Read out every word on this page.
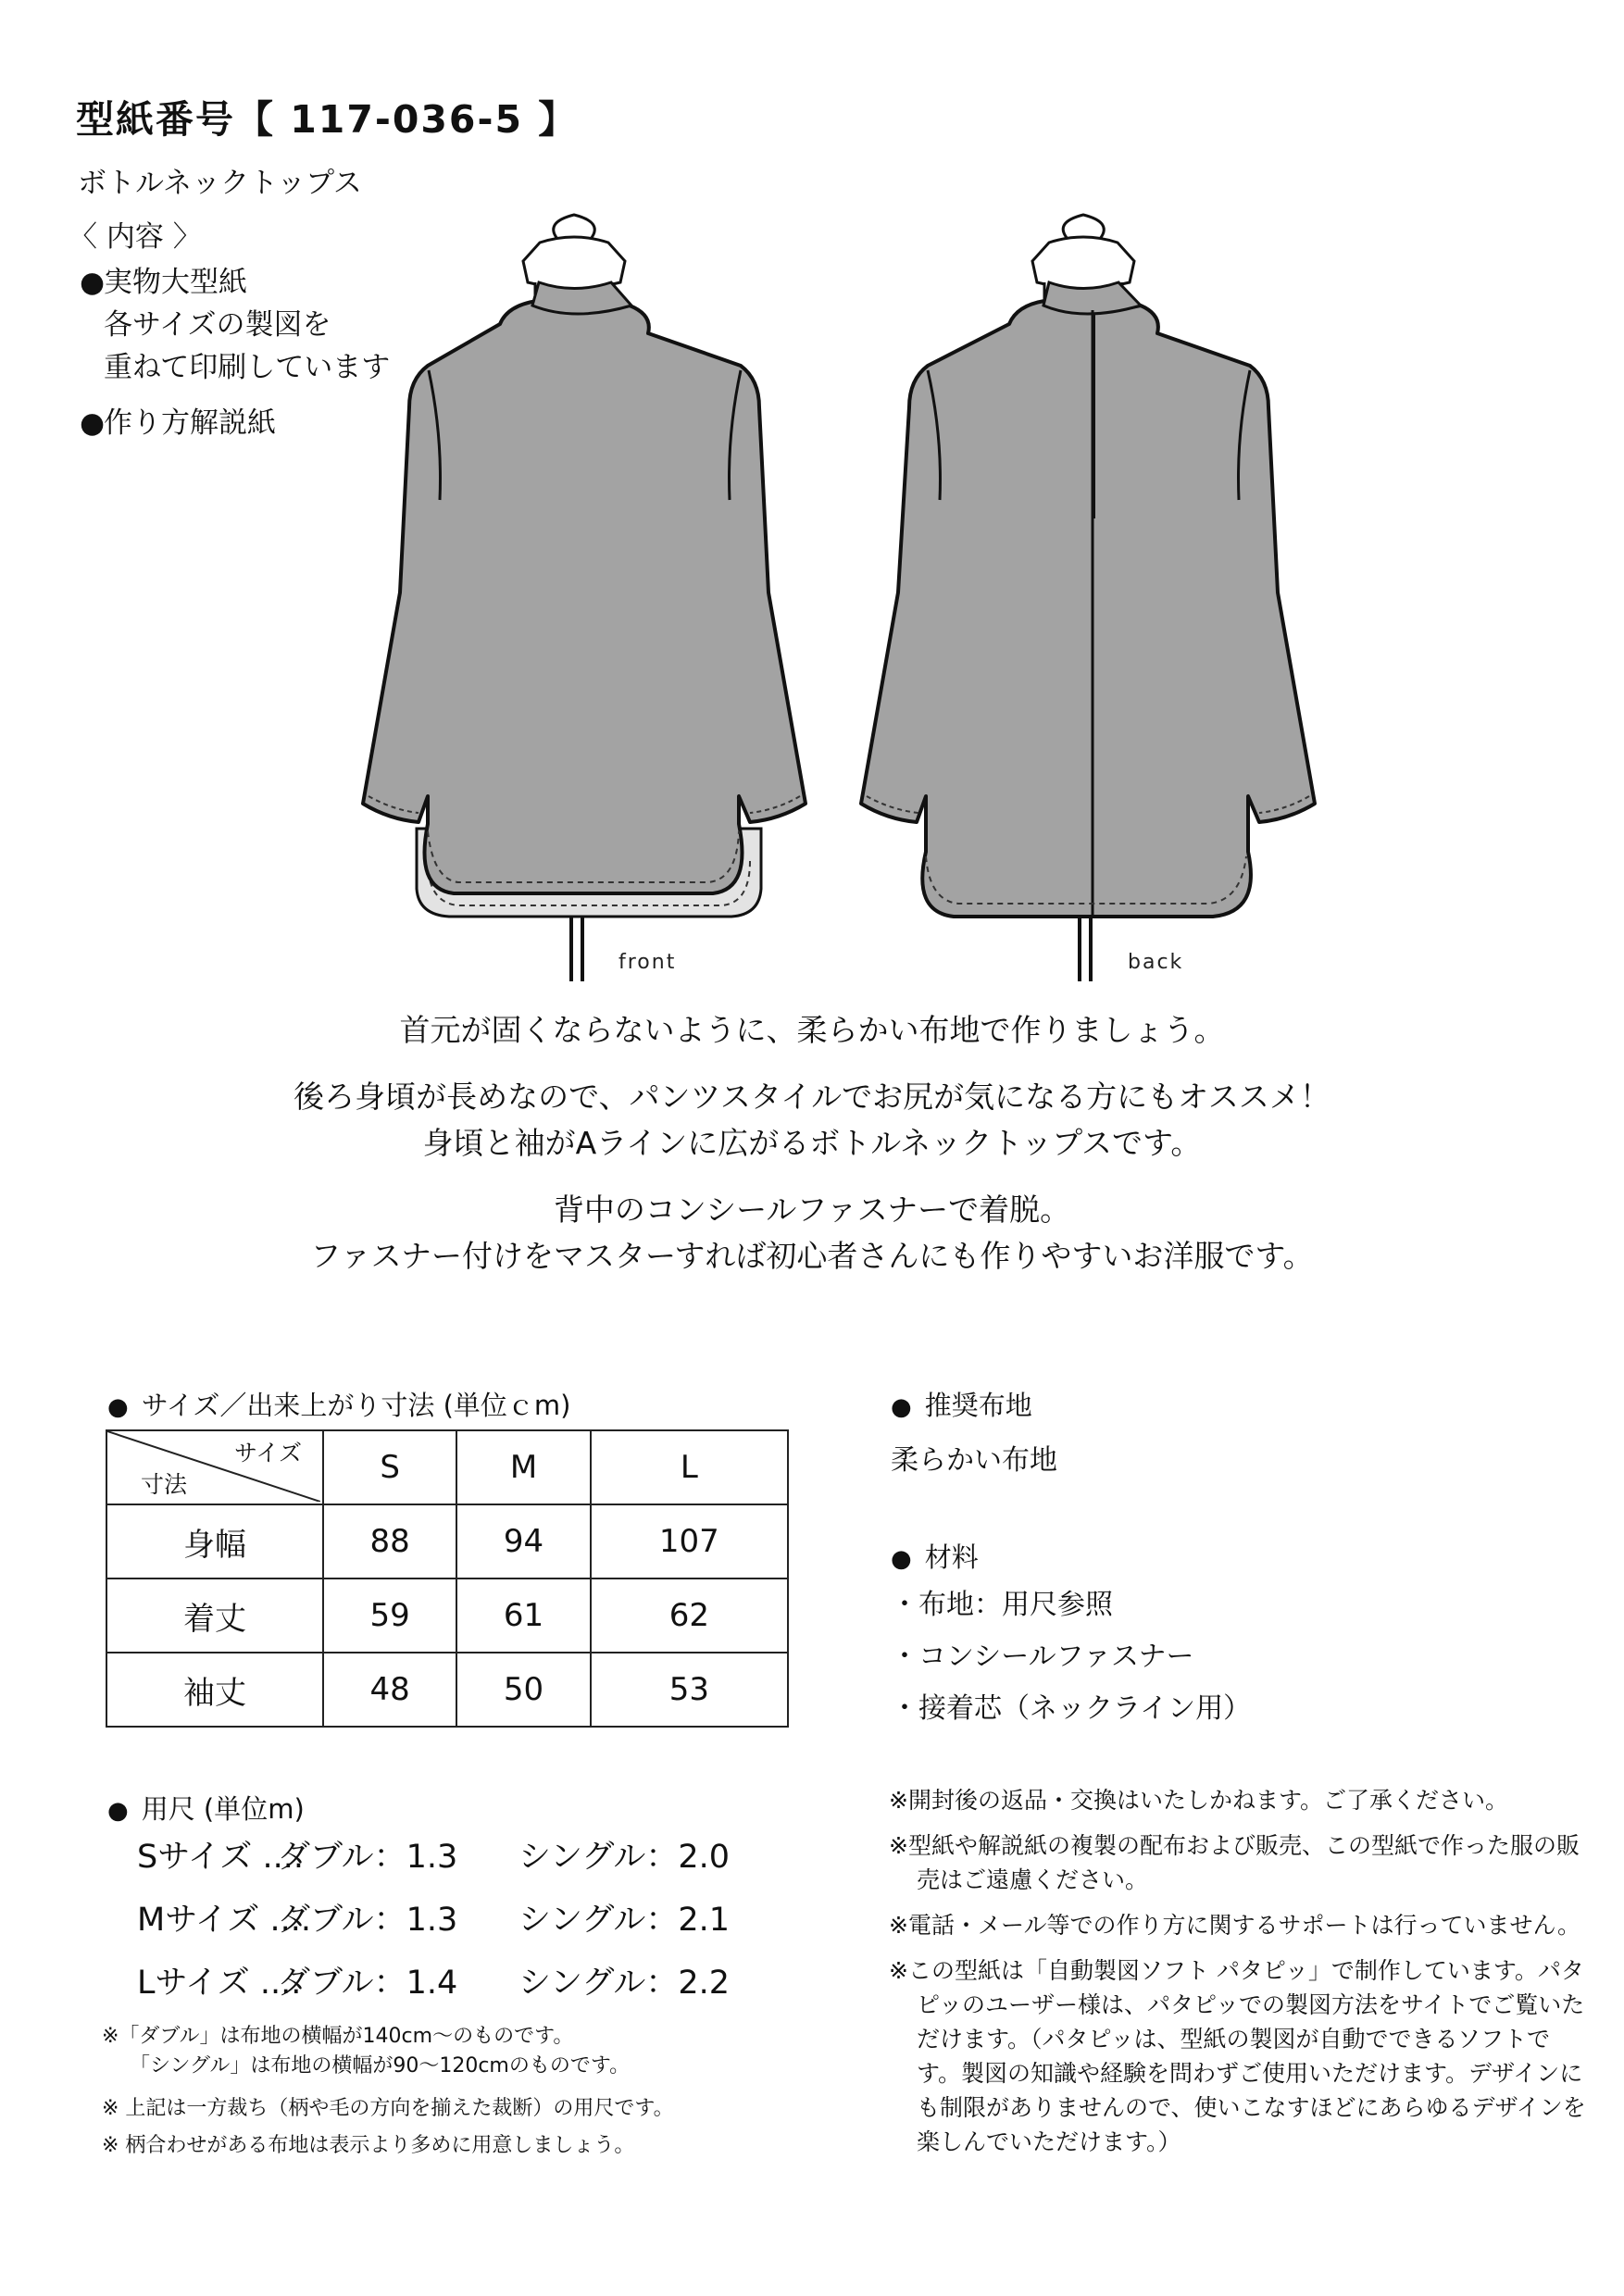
型紙番号【 117-036-5 】
ボトルネックトップス
〈 内容 〉
●
実物大型紙
各サイズの製図を
重ねて印刷しています
●
作り方解説紙
front	back
首元が固くならないように、柔らかい布地で作りましょう。
後ろ身頃が長めなので、パンツスタイルでお尻が気になる方にもオススメ！
身頃と袖がAラインに広がるボトルネックトップスです。
背中のコンシールファスナーで着脱。
ファスナー付けをマスターすれば初心者さんにも作りやすいお洋服です。
● サイズ／出来上がり寸法 (単位ｃm)
サイズ
寸法	S	M	L
身幅	88	94	107
着丈	59	61	62
袖丈	48	50	53
● 用尺 (単位m)
Sサイズ ....ダブル：1.3 シングル：2.0
Mサイズ ....ダブル：1.3 シングル：2.1
Lサイズ ....ダブル：1.4 シングル：2.2
※「ダブル」は布地の横幅が140cm〜のものです。
「シングル」は布地の横幅が90〜120cmのものです。
※ 上記は一方裁ち（柄や毛の方向を揃えた裁断）の用尺です。
※ 柄合わせがある布地は表示より多めに用意しましょう。
● 推奨布地
柔らかい布地
● 材料
・布地：用尺参照
・コンシールファスナー
・接着芯（ネックライン用）

※開封後の返品・交換はいたしかねます。ご了承ください。

※型紙や解説紙の複製の配布および販売、この型紙で作った服の販売はご遠慮ください。

※電話・メール等での作り方に関するサポートは行っていません。

※この型紙は「自動製図ソフト パタピッ」で制作しています。パタピッのユーザー様は、パタピッでの製図方法をサイトでご覧いただけます。（パタピッは、型紙の製図が自動でできるソフトです。製図の知識や経験を問わずご使用いただけます。デザインにも制限がありませんので、使いこなすほどにあらゆるデザインを楽しんでいただけます。）
